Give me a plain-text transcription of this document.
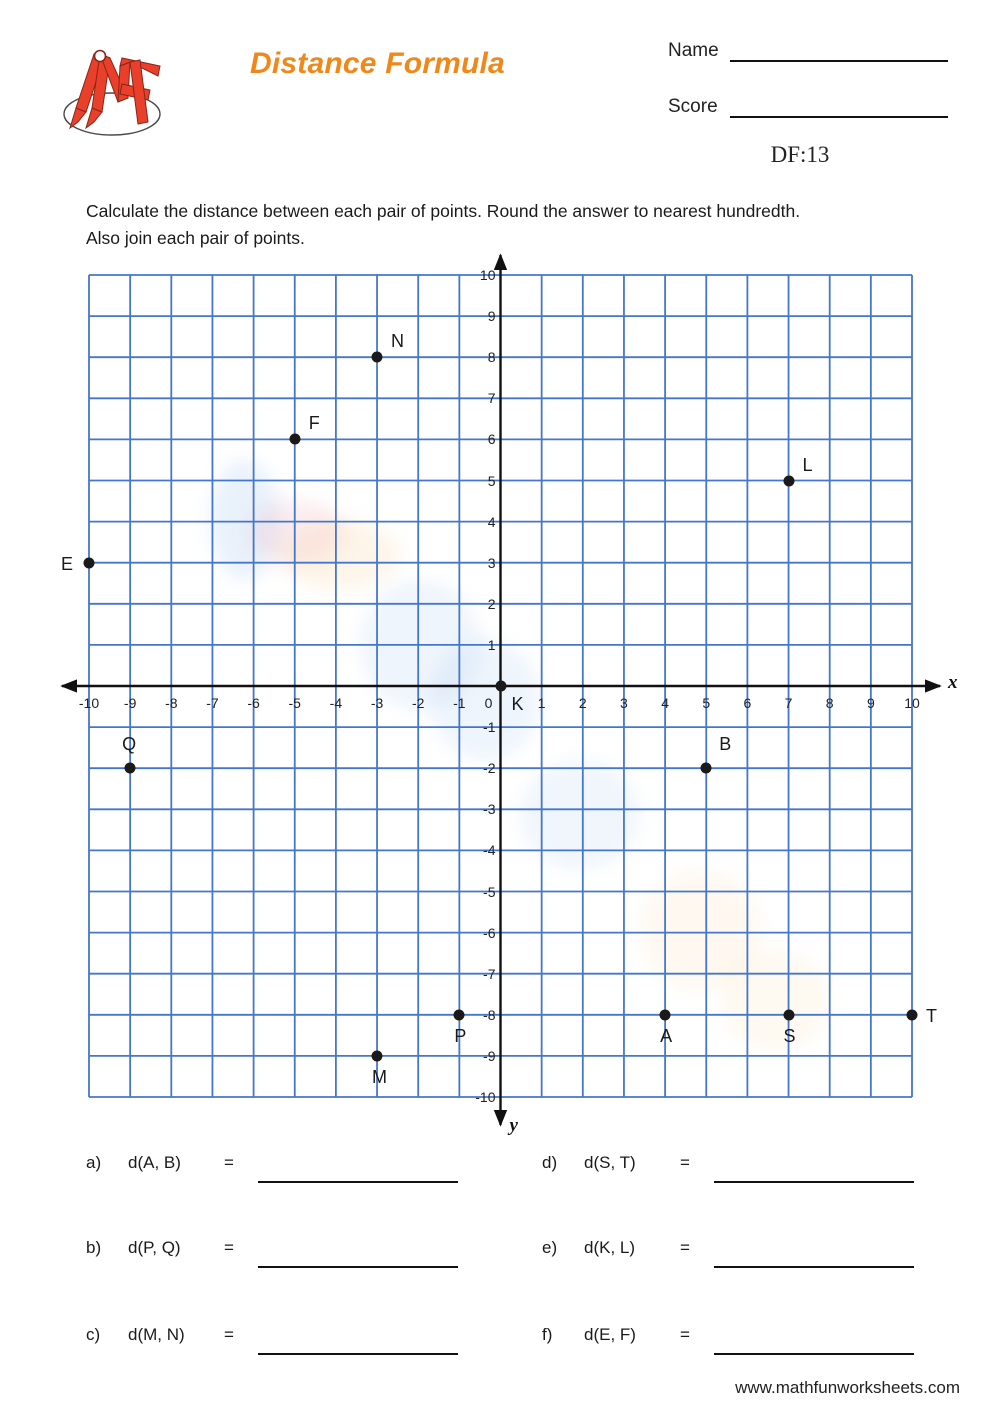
Distance Formula	Name
Score
DF:13
Calculate the distance between each pair of points. Round the answer to nearest hundredth.
Also join each pair of points.
-10 -9 -8 -7 -6 -5 -4 -3 -2 -1 0	1 2 3 4 5 6 7 8 9 10
10
9
8
7
6
5
4
3
2
1
-1
-2
-3
-4
-5
-6
-7
-8
-9
-10
x
y
N
F
L
E
K
Q	B
A	S
T
P
M
a) d(A, B)	=
b) d(P, Q)	=
c) d(M, N) =
d) d(S, T)	=
e) d(K, L)	=
f) d(E, F)	=
www.mathfunworksheets.com
